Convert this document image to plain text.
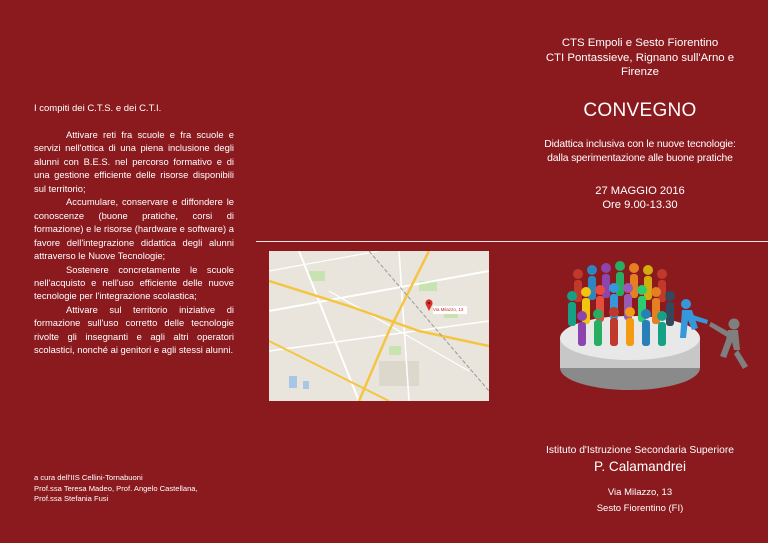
I compiti dei C.T.S. e dei C.T.I.

Attivare reti fra scuole e fra scuole e servizi nell'ottica di una piena inclusione degli alunni con B.E.S. nel percorso formativo e di una gestione efficiente delle risorse disponibili sul territorio;

Accumulare, conservare e diffondere le conoscenze (buone pratiche, corsi di formazione) e le risorse (hardware e software) a favore dell'integrazione didattica degli alunni attraverso le Nuove Tecnologie;

Sostenere concretamente le scuole nell'acquisto e nell'uso efficiente delle nuove tecnologie per l'integrazione scolastica;

Attivare sul territorio iniziative di formazione sull'uso corretto delle tecnologie rivolte gli insegnanti e agli altri operatori scolastici, nonché ai genitori e agli stessi alunni.

a cura dell'IIS Cellini-Tornabuoni
Prof.ssa Teresa Madeo, Prof. Angelo Castellana,
Prof.ssa Stefania Fusi
Via Milazzo, 13
CTS Empoli e Sesto Fiorentino
CTI Pontassieve, Rignano sull'Arno e
Firenze
CONVEGNO
Didattica inclusiva con le nuove tecnologie:
dalla sperimentazione alle buone pratiche
27 MAGGIO 2016
Ore 9.00-13.30
Istituto d'Istruzione Secondaria Superiore
P. Calamandrei
Via Milazzo, 13
Sesto Fiorentino (FI)
